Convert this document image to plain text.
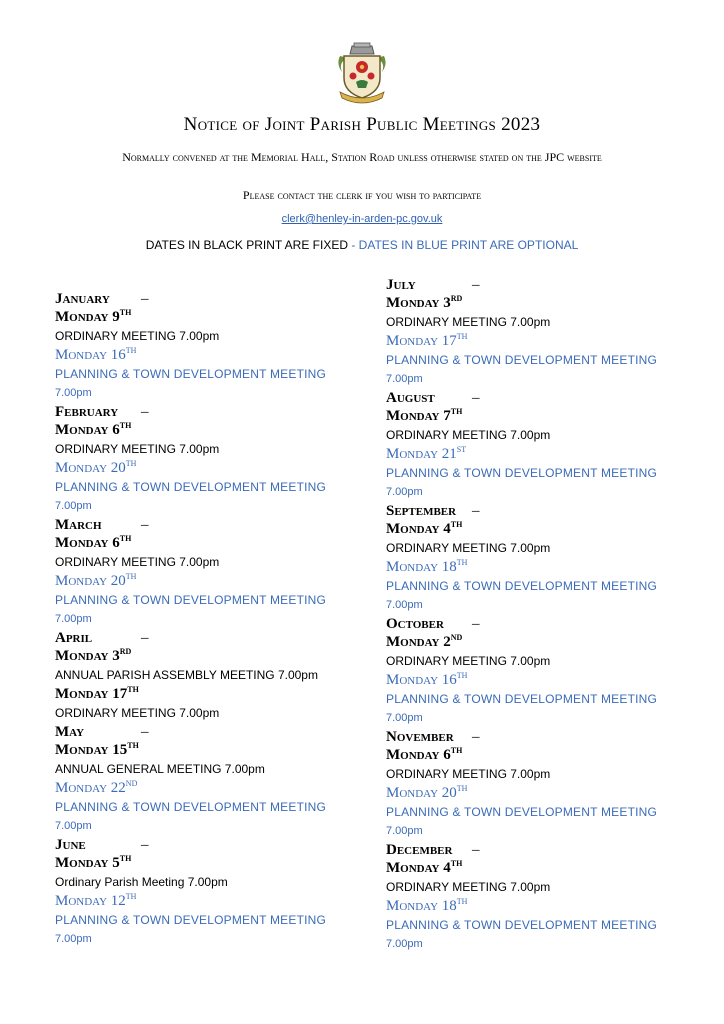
Notice of Joint Parish Public Meetings 2023
Normally convened at the Memorial Hall, Station Road unless otherwise stated on the JPC website
Please contact the clerk if you wish to participate
clerk@henley-in-arden-pc.gov.uk
DATES IN BLACK PRINT ARE FIXED - DATES IN BLUE PRINT ARE OPTIONAL
January –
Monday 9TH
ORDINARY MEETING 7.00pm
Monday 16TH
PLANNING & TOWN DEVELOPMENT MEETING
7.00pm
February –
Monday 6TH
ORDINARY MEETING 7.00pm
Monday 20TH
PLANNING & TOWN DEVELOPMENT MEETING
7.00pm
March	–
Monday 6TH
ORDINARY MEETING 7.00pm
Monday 20TH
PLANNING & TOWN DEVELOPMENT MEETING
7.00pm
April	–
Monday 3RD
ANNUAL PARISH ASSEMBLY MEETING 7.00pm
Monday 17TH
ORDINARY MEETING 7.00pm
May	–
Monday 15TH
ANNUAL GENERAL MEETING 7.00pm
Monday 22ND
PLANNING & TOWN DEVELOPMENT MEETING
7.00pm
June	–
Monday 5TH
Ordinary Parish Meeting 7.00pm
Monday 12TH
PLANNING & TOWN DEVELOPMENT MEETING
7.00pm
July	–
Monday 3RD
ORDINARY MEETING 7.00pm
Monday 17TH
PLANNING & TOWN DEVELOPMENT MEETING
7.00pm
August –
Monday 7TH
ORDINARY MEETING 7.00pm
Monday 21ST
PLANNING & TOWN DEVELOPMENT MEETING
7.00pm
September –
Monday 4TH
ORDINARY MEETING 7.00pm
Monday 18TH
PLANNING & TOWN DEVELOPMENT MEETING
7.00pm
October –
Monday 2ND
ORDINARY MEETING 7.00pm
Monday 16TH
PLANNING & TOWN DEVELOPMENT MEETING
7.00pm
November –
Monday 6TH
ORDINARY MEETING 7.00pm
Monday 20TH
PLANNING & TOWN DEVELOPMENT MEETING
7.00pm
December –
Monday 4TH
ORDINARY MEETING 7.00pm
Monday 18TH
PLANNING & TOWN DEVELOPMENT MEETING
7.00pm
